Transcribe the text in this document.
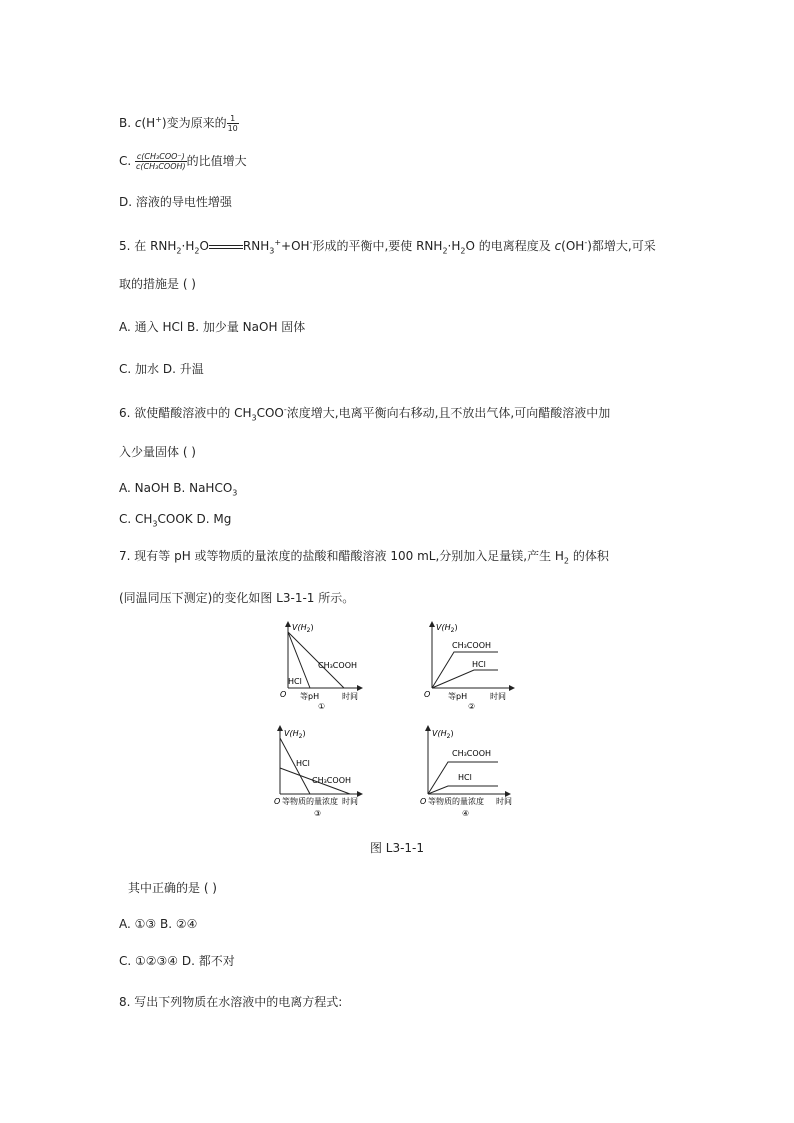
B. c(H+)变为原来的 $\frac{1}{10}$
C. $\frac{\text{c(CH₃COO⁻)}}{\text{c(CH₃COOH)}}$ 的比值增大
D. 溶液的导电性增强
5. 在 $RNH_2\cdot H_2O$	$RNH_3^++OH^-$形成的平衡中,要使 $RNH_2\cdot H_2O$ 的电离程度及 c(OH-)都增大,可采
取的措施是 ( )
A. 通入 HCl B. 加少量 NaOH 固体
C. 加水 D. 升温
6. 欲使醋酸溶液中的 $CH_3COO^-$浓度增大,电离平衡向右移动,且不放出气体,可向醋酸溶液中加
入少量固体 ( )
A. NaOH B. NaHCO$_3$
C. $CH_3COOK$ D. Mg
7. 现有等 pH 或等物质的量浓度的盐酸和醋酸溶液 100 mL,分别加入足量镁,产生 $H_2$ 的体积
(同温同压下测定)的变化如图 L3-1-1 所示。
$V(H_2)$
O
CH₃COOH
HCl
等pH	时间
①
$V(H_2)$
O
CH₃COOH
HCl
等pH	时间
②
$V(H_2)$
HCl
CH₃COOH
O 等物质的量浓度 时间
③
$V(H_2)$
CH₃COOH
HCl
O 等物质的量浓度 时间
④
图 L3-1-1
其中正确的是 ( )
A. ①③ B. ②④
C. ①②③④ D. 都不对
8. 写出下列物质在水溶液中的电离方程式:
